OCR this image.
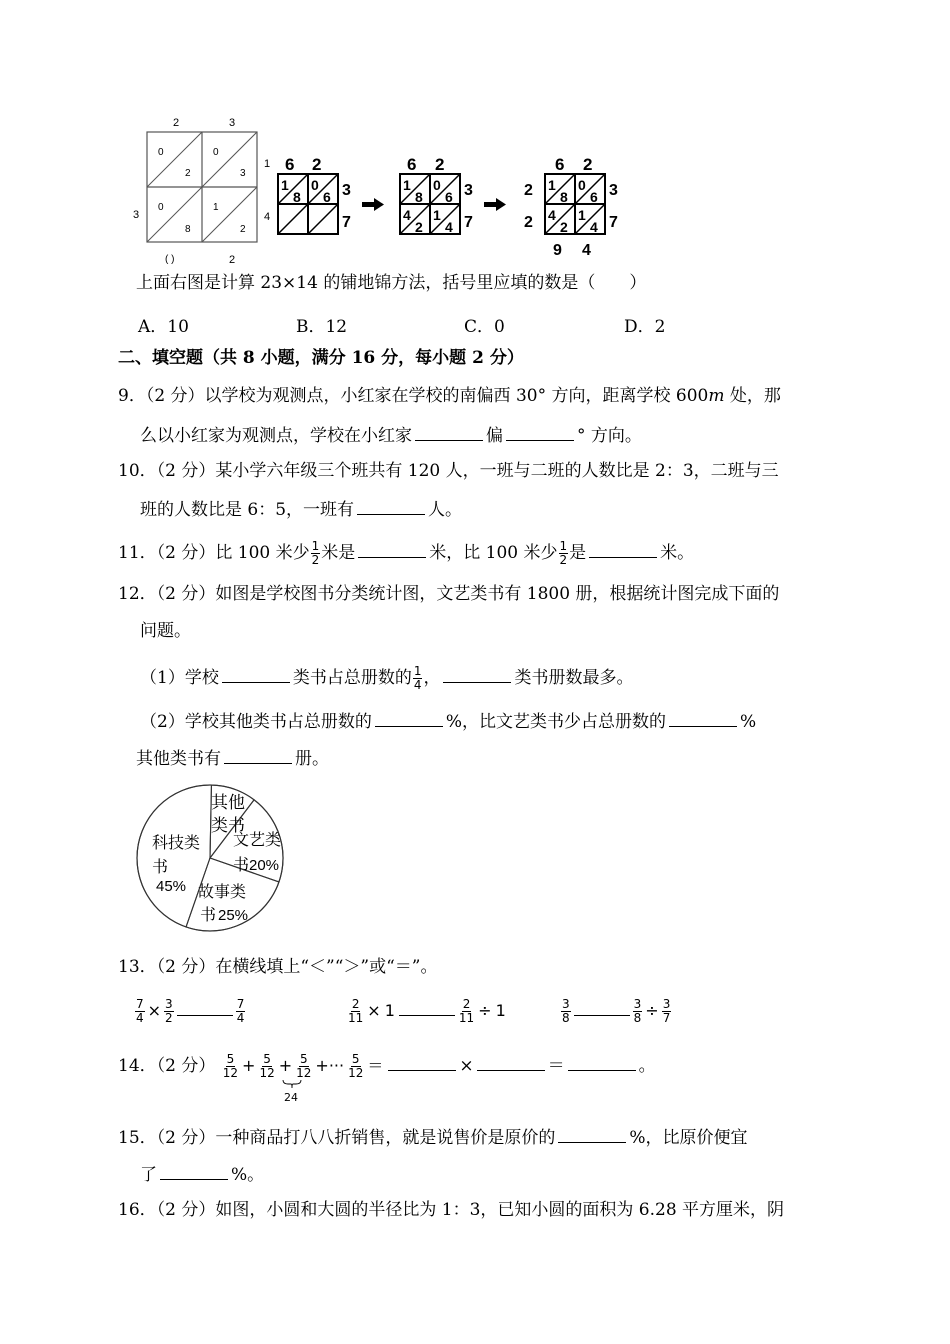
2	3
3
0
2
0
3
0
8
1
2
( )	2
1
4
6 2
1
8
0
6 3
7
6 2
1
8
0
6
4
2
1
4
3
7
6 2
1
8
0
6
4
2
1
4
3
7
2
2
9 4
上面右图是计算 23×14 的铺地锦方法，括号里应填的数是（　　）
A．10	B．12	C．0	D．2
二、填空题（共 8 小题，满分 16 分，每小题 2 分）
9．（2 分）以学校为观测点，小红家在学校的南偏西 30° 方向，距离学校 600m 处，那
么以小红家为观测点，学校在小红家	偏	° 方向。
10．（2 分）某小学六年级三个班共有 120 人，一班与二班的人数比是 2：3，二班与三
班的人数比是 6：5，一班有	人。
11．（2 分）比 100 米少 $\frac{1}{2}$ 米是	米，比 100 米少 $\frac{1}{2}$ 是	米。
12．（2 分）如图是学校图书分类统计图，文艺类书有 1800 册，根据统计图完成下面的
问题。
（1）学校	类书占总册数的 $\frac{1}{4}$ ，	类书册数最多。
（2）学校其他类书占总册数的	%，比文艺类书少占总册数的	%
其他类书有	册。
其他
类书
文艺类
书 20%
科技类
书
45% 故事类
书 25%
13．（2 分）在横线填上“＜”“＞”或“＝”。
$\frac{7}{4} \times \frac{3}{2}$	$\frac{7}{4}$	$\frac{2}{11} \times 1$	$\frac{2}{11} \div 1$	$\frac{3}{8}$	$\frac{3}{8} \div \frac{3}{7}$
14．（2 分） $\frac{5}{12} + \frac{5}{12} + \frac{5}{12}$ +··· $\frac{5}{12}$ ＝	×	＝	。
24
15．（2 分）一种商品打八八折销售，就是说售价是原价的	%，比原价便宜
了	%。
16．（2 分）如图，小圆和大圆的半径比为 1：3，已知小圆的面积为 6.28 平方厘米，阴
